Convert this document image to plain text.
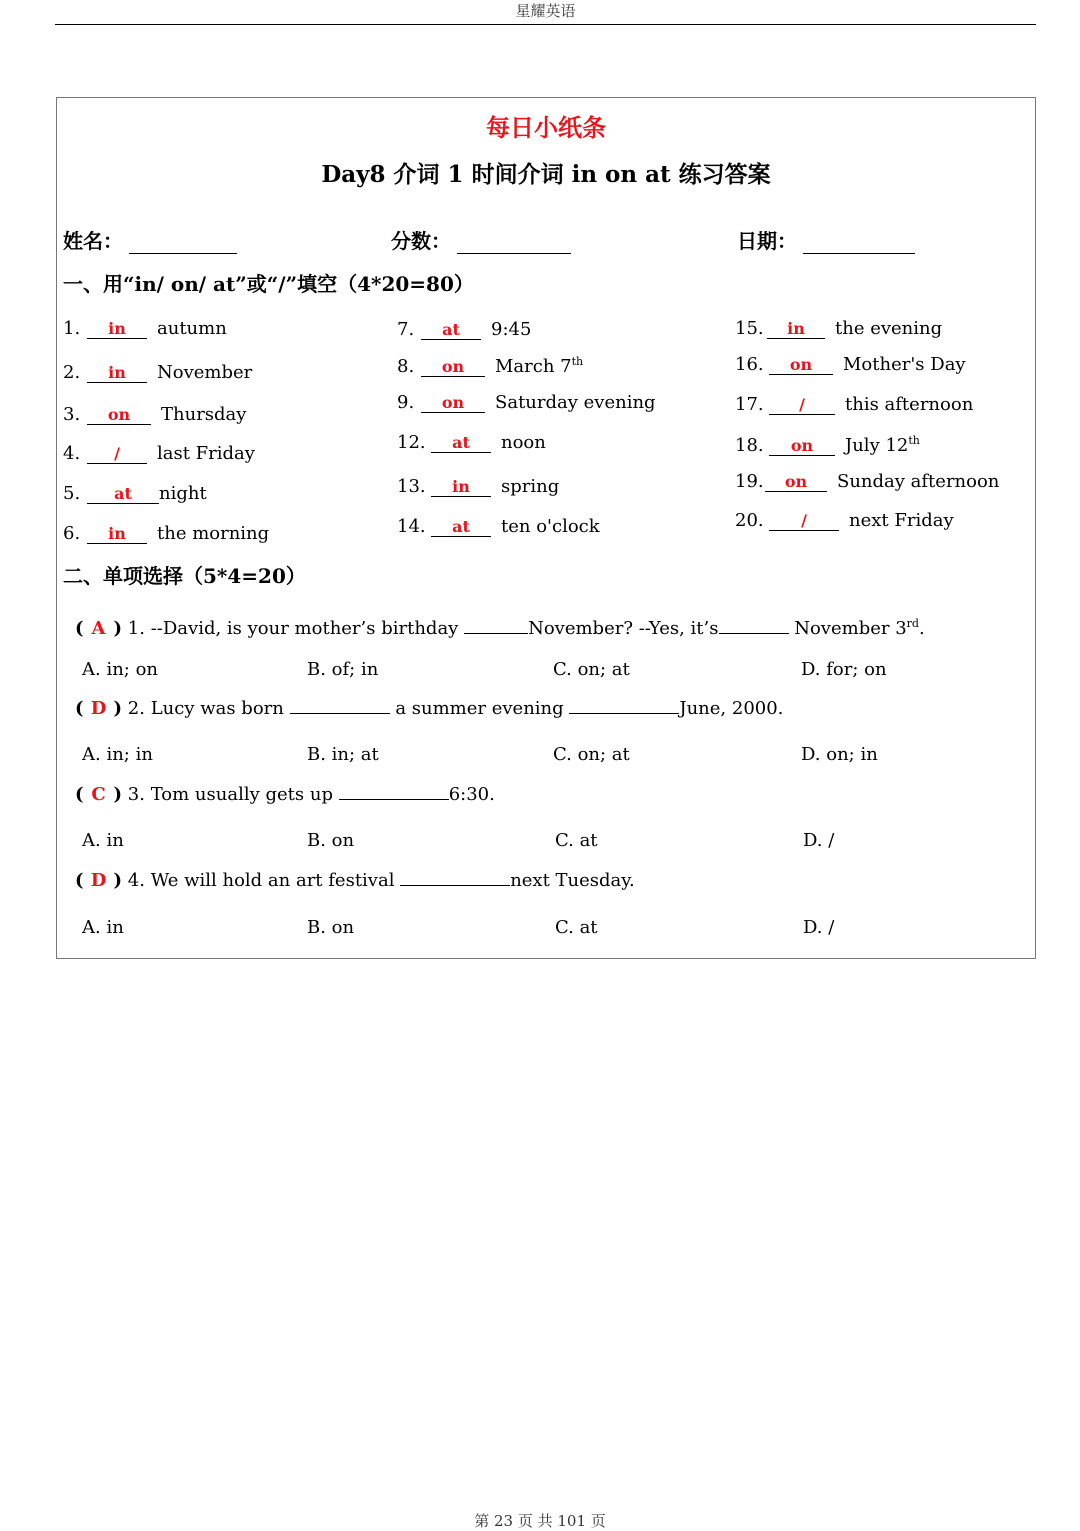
星耀英语
每日小纸条
Day8 介词 1 时间介词 in on at 练习答案
姓名：	分数：	日期：
一、用“in/ on/ at”或“/”填空（4*20=80）
1. in autumn
2. in November
3. on Thursday
4. / last Friday
5. at night
6. in the morning
7. at 9:45
8. on March 7th
9. on Saturday evening
12. at noon
13. in spring
14. at ten o'clock
15. in the evening
16. on Mother's Day
17. / this afternoon
18. on July 12th
19. on Sunday afternoon
20. / next Friday
二、单项选择（5*4=20）
( A ) 1. --David, is your mother’s birthday	November? --Yes, it’s	November 3rd.
A. in; on	B. of; in	C. on; at	D. for; on
( D ) 2. Lucy was born	a summer evening	June, 2000.
A. in; in	B. in; at	C. on; at	D. on; in
( C ) 3. Tom usually gets up	6:30.
A. in	B. on	C. at	D. /
( D ) 4. We will hold an art festival	next Tuesday.
A. in	B. on	C. at	D. /
第 23 页 共 101 页
